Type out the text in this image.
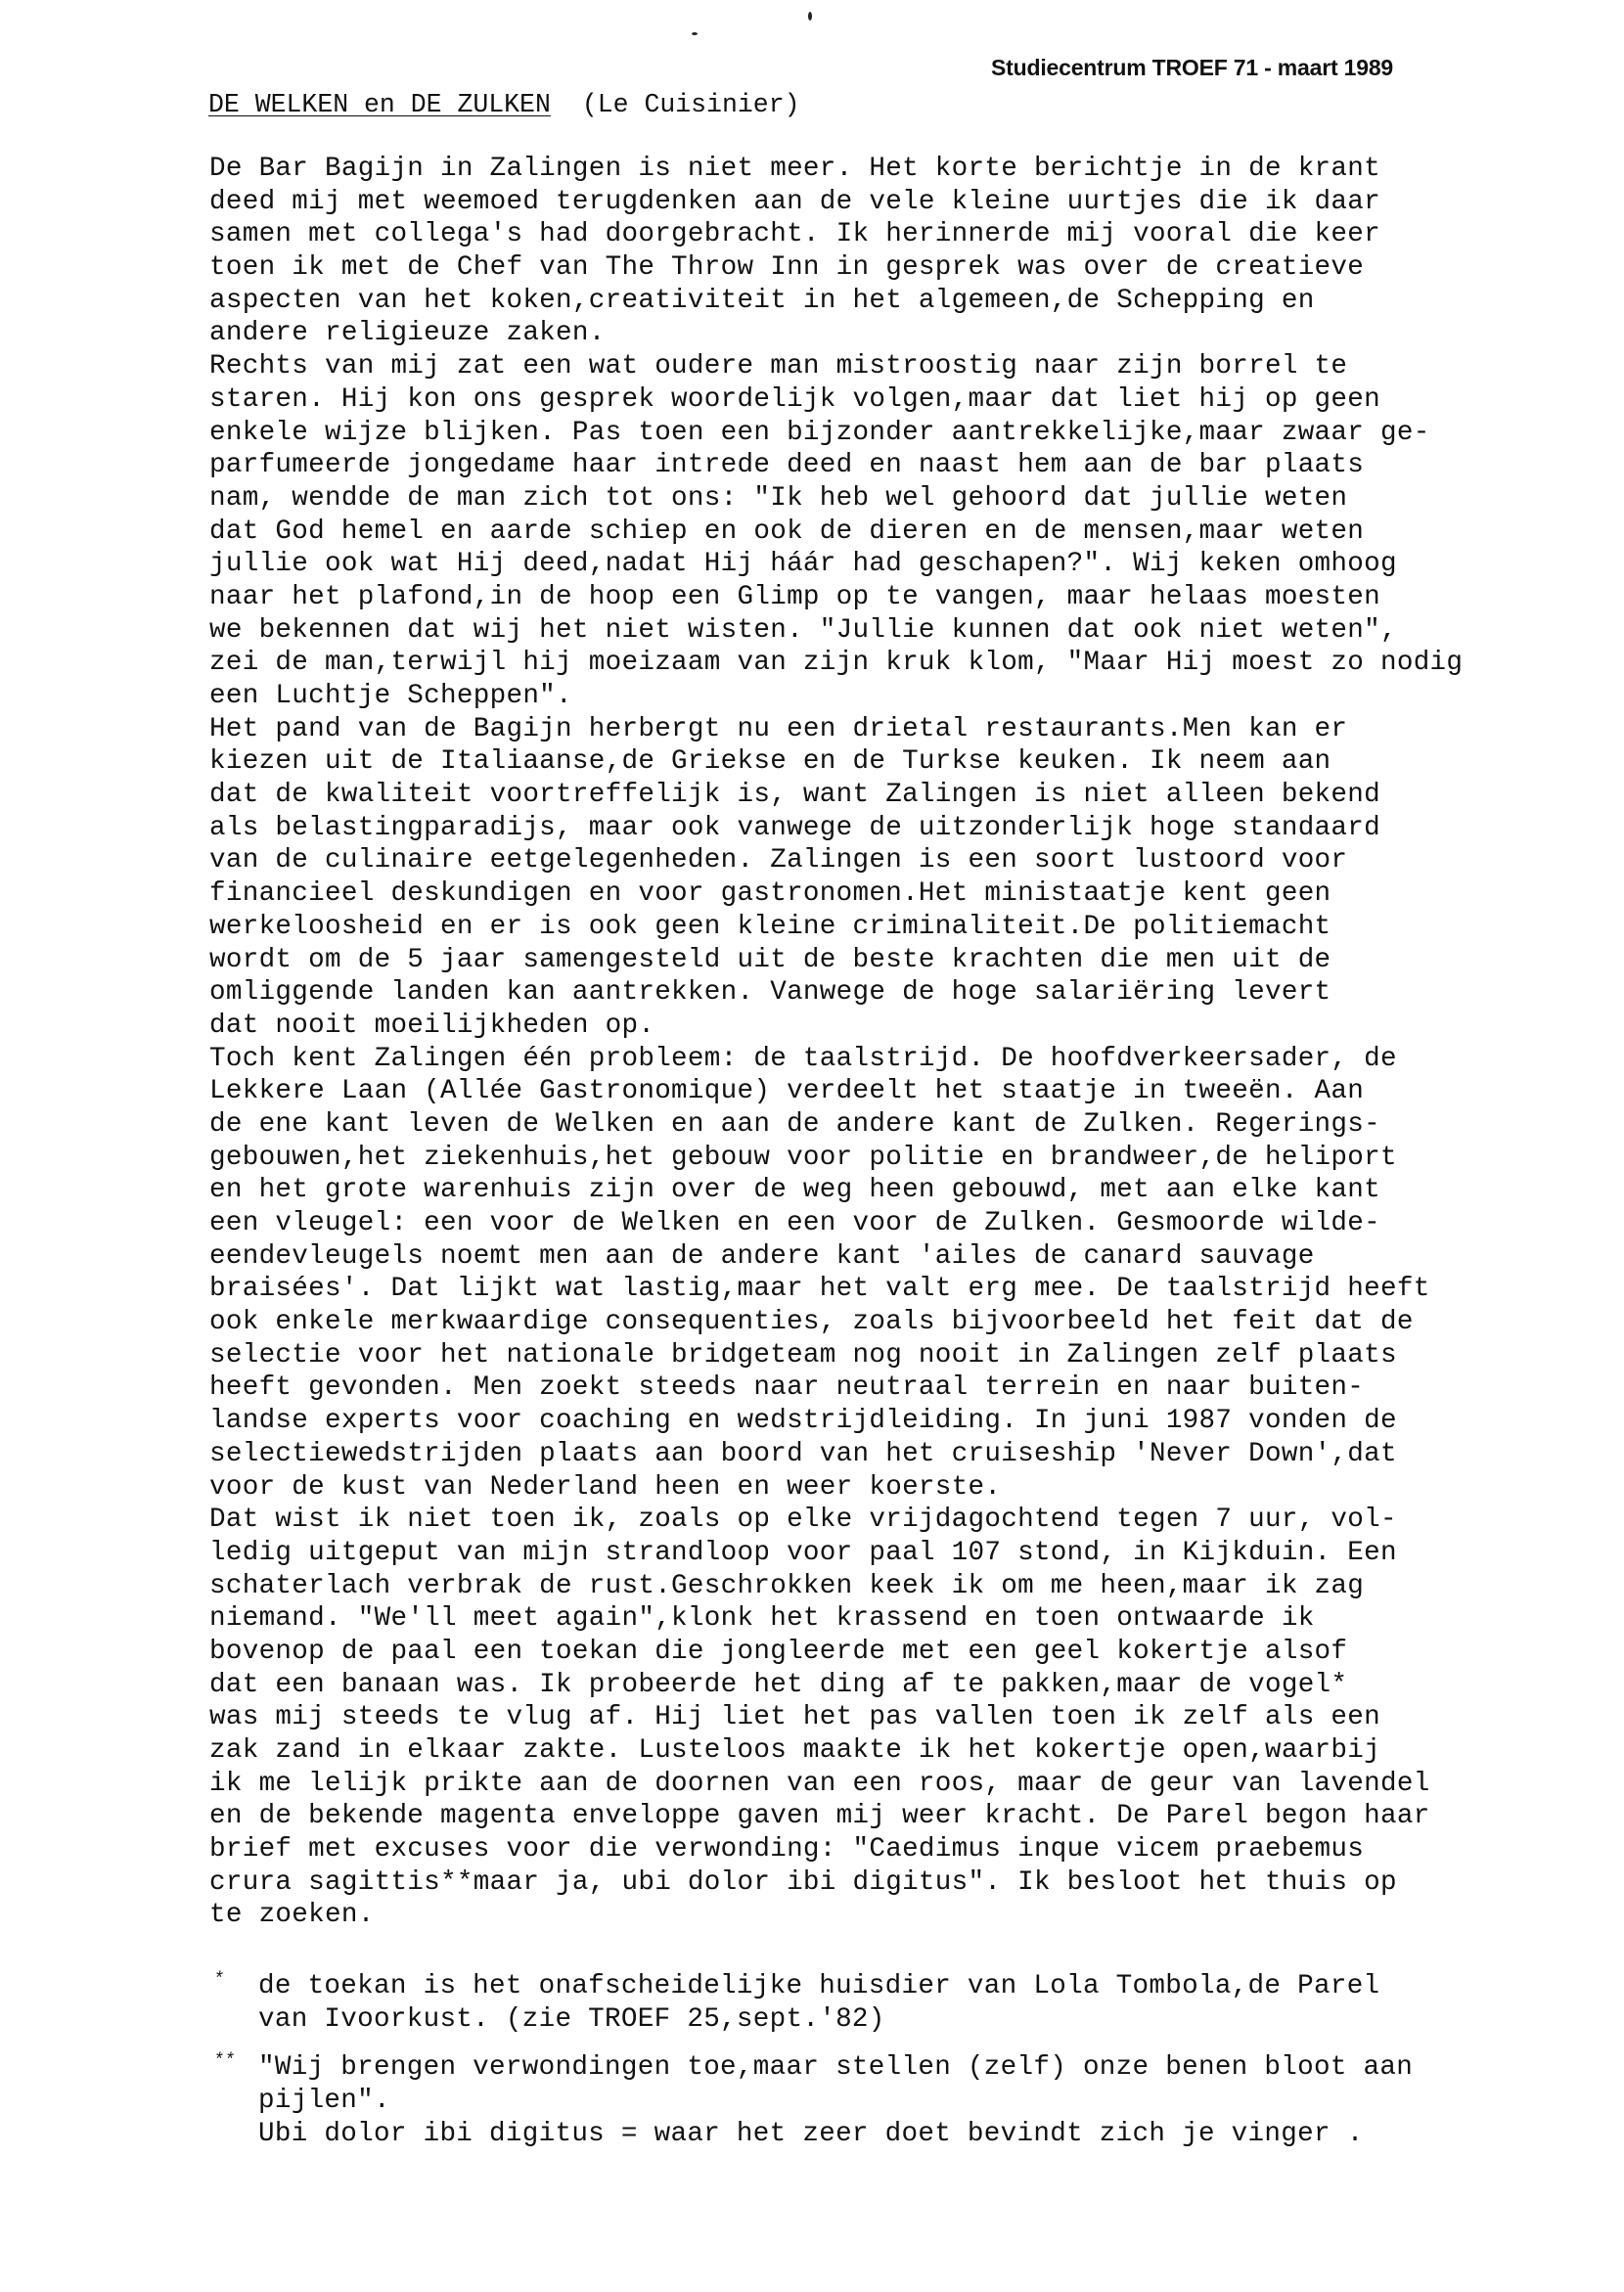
Studiecentrum TROEF 71 - maart 1989
DE WELKEN en DE ZULKEN (Le Cuisinier)
De Bar Bagijn in Zalingen is niet meer. Het korte berichtje in de krant
deed mij met weemoed terugdenken aan de vele kleine uurtjes die ik daar
samen met collega's had doorgebracht. Ik herinnerde mij vooral die keer
toen ik met de Chef van The Throw Inn in gesprek was over de creatieve
aspecten van het koken,creativiteit in het algemeen,de Schepping en
andere religieuze zaken.
Rechts van mij zat een wat oudere man mistroostig naar zijn borrel te
staren. Hij kon ons gesprek woordelijk volgen,maar dat liet hij op geen
enkele wijze blijken. Pas toen een bijzonder aantrekkelijke,maar zwaar ge-
parfumeerde jongedame haar intrede deed en naast hem aan de bar plaats
nam, wendde de man zich tot ons: "Ik heb wel gehoord dat jullie weten
dat God hemel en aarde schiep en ook de dieren en de mensen,maar weten
jullie ook wat Hij deed,nadat Hij háár had geschapen?". Wij keken omhoog
naar het plafond,in de hoop een Glimp op te vangen, maar helaas moesten
we bekennen dat wij het niet wisten. "Jullie kunnen dat ook niet weten",
zei de man,terwijl hij moeizaam van zijn kruk klom, "Maar Hij moest zo nodig
een Luchtje Scheppen".
Het pand van de Bagijn herbergt nu een drietal restaurants.Men kan er
kiezen uit de Italiaanse,de Griekse en de Turkse keuken. Ik neem aan
dat de kwaliteit voortreffelijk is, want Zalingen is niet alleen bekend
als belastingparadijs, maar ook vanwege de uitzonderlijk hoge standaard
van de culinaire eetgelegenheden. Zalingen is een soort lustoord voor
financieel deskundigen en voor gastronomen.Het ministaatje kent geen
werkeloosheid en er is ook geen kleine criminaliteit.De politiemacht
wordt om de 5 jaar samengesteld uit de beste krachten die men uit de
omliggende landen kan aantrekken. Vanwege de hoge salariëring levert
dat nooit moeilijkheden op.
Toch kent Zalingen één probleem: de taalstrijd. De hoofdverkeersader, de
Lekkere Laan (Allée Gastronomique) verdeelt het staatje in tweeën. Aan
de ene kant leven de Welken en aan de andere kant de Zulken. Regerings-
gebouwen,het ziekenhuis,het gebouw voor politie en brandweer,de heliport
en het grote warenhuis zijn over de weg heen gebouwd, met aan elke kant
een vleugel: een voor de Welken en een voor de Zulken. Gesmoorde wilde-
eendevleugels noemt men aan de andere kant 'ailes de canard sauvage
braisées'. Dat lijkt wat lastig,maar het valt erg mee. De taalstrijd heeft
ook enkele merkwaardige consequenties, zoals bijvoorbeeld het feit dat de
selectie voor het nationale bridgeteam nog nooit in Zalingen zelf plaats
heeft gevonden. Men zoekt steeds naar neutraal terrein en naar buiten-
landse experts voor coaching en wedstrijdleiding. In juni 1987 vonden de
selectiewedstrijden plaats aan boord van het cruiseship 'Never Down',dat
voor de kust van Nederland heen en weer koerste.
Dat wist ik niet toen ik, zoals op elke vrijdagochtend tegen 7 uur, vol-
ledig uitgeput van mijn strandloop voor paal 107 stond, in Kijkduin. Een
schaterlach verbrak de rust.Geschrokken keek ik om me heen,maar ik zag
niemand. "We'll meet again",klonk het krassend en toen ontwaarde ik
bovenop de paal een toekan die jongleerde met een geel kokertje alsof
dat een banaan was. Ik probeerde het ding af te pakken,maar de vogel*
was mij steeds te vlug af. Hij liet het pas vallen toen ik zelf als een
zak zand in elkaar zakte. Lusteloos maakte ik het kokertje open,waarbij
ik me lelijk prikte aan de doornen van een roos, maar de geur van lavendel
en de bekende magenta enveloppe gaven mij weer kracht. De Parel begon haar
brief met excuses voor die verwonding: "Caedimus inque vicem praebemus
crura sagittis**maar ja, ubi dolor ibi digitus". Ik besloot het thuis op
te zoeken.
* de toekan is het onafscheidelijke huisdier van Lola Tombola,de Parel
van Ivoorkust. (zie TROEF 25,sept.'82)
** "Wij brengen verwondingen toe,maar stellen (zelf) onze benen bloot aan
pijlen".
Ubi dolor ibi digitus = waar het zeer doet bevindt zich je vinger .
